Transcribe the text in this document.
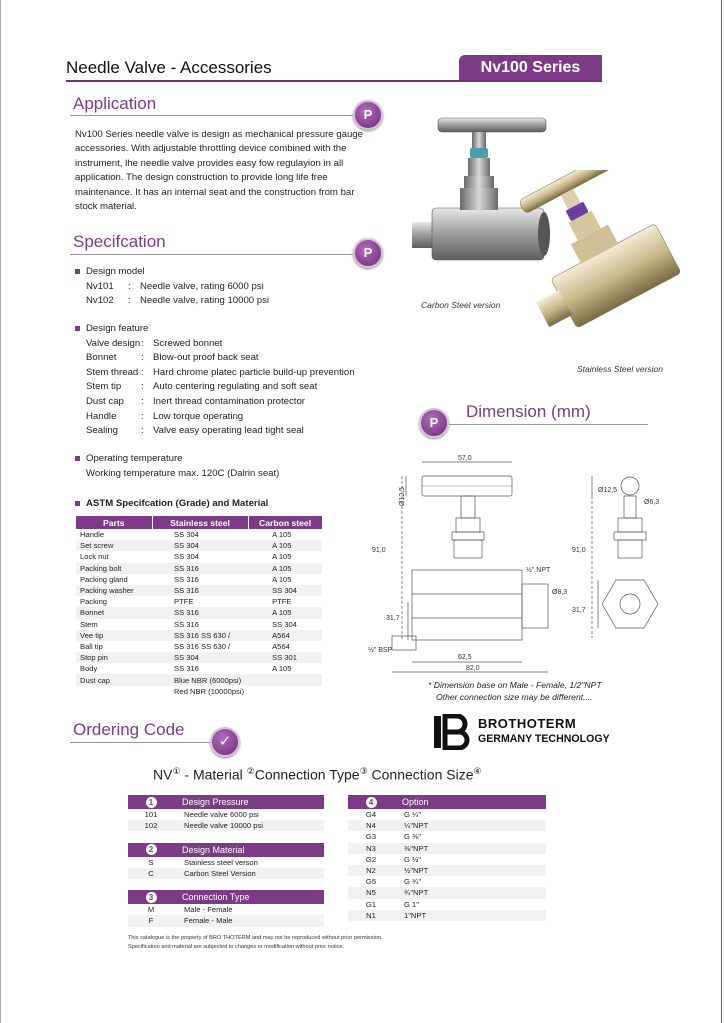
Needle Valve - Accessories	Nv100 Series
Application
P
Nv100 Series needle valve is design as mechanical pressure gauge accessories. With adjustable throttling device combined with the instrument, lhe needle valve provides easy fow regulayion in all application. The design construction to provide long life free maintenance. It has an internal seat and the construction from bar stock material.
Specifcation
P
Design model
Nv101 : Needle valve, rating 6000 psi
Nv102 : Needle valve, rating 10000 psi
Design feature
Valve design: Screwed bonnet
Bonnet	: Blow-out proof back seat
Stem thread : Hard chrome platec particle build-up prevention
Stem tip : Auto centering regulating and soft seat
Dust cap : Inert thread contamination protector
Handle	: Low torque operating
Sealing : Valve easy operating lead tight seal
Operating temperature
Working temperature max. 120C (Dalrin seat)
ASTM Specifcation (Grade) and Material
Parts	Stainless steel	Carbon steel
Handle	SS 304	A 105
Set screw	SS 304	A 105
Lock nut	SS 304	A 105
Packing bolt	SS 316	A 105
Packing gland	SS 316	A 105
Packing washer	SS 316	SS 304
Packing	PTFE	PTFE
Bonnet	SS 316	A 105
Stem	SS 316	SS 304
Vee tip	SS 316 SS 630 /	A564
Ball tip	SS 316 SS 630 /	A564
Stop pin	SS 304	SS 301
Body	SS 316	A 105
Dust cap	Blue NBR (6000psi)	
	Red NBR (10000psi)	
Carbon Steel version
Stainless Steel version
Dimension (mm)
P
57,0
Ø12,5
91,0
½" NPT
Ø8,3
31,7
½" BSP
62,5
82,0
Ø12,5
Ø6,3
91,0
31,7
* Dimension base on Male - Female, 1/2"NPT
Other connection size may be different....
BROTHOTERM
GERMANY TECHNOLOGY
Ordering Code
✓
NV① - Material ②Connection Type③ Connection Size④
1	Design Pressure
101	Needle valve 6000 psi
102	Needle valve 10000 psi

2	Design Material
S	Stainless steel verson
C	Carbon Steel Version

3	Connection Type
M	Male - Female
F	Female - Male
4	Option
G4	G ¼"
N4	¼"NPT
G3	G ⅜"
N3	⅜"NPT
G2	G ½"
N2	½"NPT
G5	G ¾"
N5	¾"NPT
G1	G 1"
N1	1"NPT
This catalogue is the property of BRO THOTERM and may not be reproduced without prior permission.
Specification and material are subjected to changes or modification without prior notice.
